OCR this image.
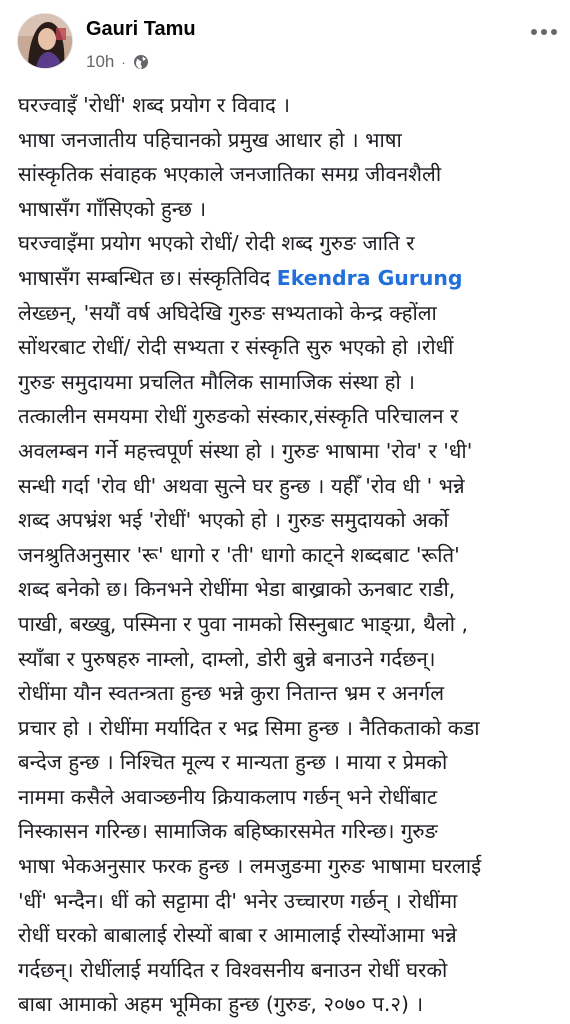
Gauri Tamu
10h ·
घरज्वाइँ 'रोधीं' शब्द प्रयोग र विवाद ।
भाषा जनजातीय पहिचानको प्रमुख आधार हो । भाषा
सांस्कृतिक संवाहक भएकाले जनजातिका समग्र जीवनशैली
भाषासँग गाँसिएको हुन्छ ।
घरज्वाइँमा प्रयोग भएको रोधीं/ रोदी शब्द गुरुङ जाति र
भाषासँग सम्बन्धित छ। संस्कृतिविद Ekendra Gurung
लेख्छन्, 'सयौं वर्ष अघिदेखि गुरुङ सभ्यताको केन्द्र क्होंला
सोंथरबाट रोधीं/ रोदी सभ्यता र संस्कृति सुरु भएको हो ।रोधीं
गुरुङ समुदायमा प्रचलित मौलिक सामाजिक संस्था हो ।
तत्कालीन समयमा रोधीं गुरुङको संस्कार,संस्कृति परिचालन र
अवलम्बन गर्ने महत्त्वपूर्ण संस्था हो । गुरुङ भाषामा 'रोव' र 'धी'
सन्धी गर्दा 'रोव धी' अथवा सुत्ने घर हुन्छ । यहीँ 'रोव धी ' भन्ने
शब्द अपभ्रंश भई 'रोधीं' भएको हो । गुरुङ समुदायको अर्को
जनश्रुतिअनुसार 'रू' धागो र 'ती' धागो काट्ने शब्दबाट 'रूति'
शब्द बनेको छ। किनभने रोधींमा भेडा बाख्राको ऊनबाट राडी,
पाखी, बख्खु, पस्मिना र पुवा नामको सिस्नुबाट भाङ्ग्रा, थैलो ,
स्याँबा र पुरुषहरु नाम्लो, दाम्लो, डोरी बुन्ने बनाउने गर्दछन्।
रोधींमा यौन स्वतन्त्रता हुन्छ भन्ने कुरा नितान्त भ्रम र अनर्गल
प्रचार हो । रोधींमा मर्यादित र भद्र सिमा हुन्छ । नैतिकताको कडा
बन्देज हुन्छ । निश्चित मूल्य र मान्यता हुन्छ । माया र प्रेमको
नाममा कसैले अवाञ्छनीय क्रियाकलाप गर्छन् भने रोधींबाट
निस्कासन गरिन्छ। सामाजिक बहिष्कारसमेत गरिन्छ। गुरुङ
भाषा भेकअनुसार फरक हुन्छ । लमजुङमा गुरुङ भाषामा घरलाई
'धीं' भन्दैन। धीं को सट्टामा दी' भनेर उच्चारण गर्छन् । रोधींमा
रोधीं घरको बाबालाई रोस्यों बाबा र आमालाई रोस्योंआमा भन्ने
गर्दछन्। रोधींलाई मर्यादित र विश्वसनीय बनाउन रोधीं घरको
बाबा आमाको अहम भूमिका हुन्छ (गुरुङ, २०७० प.२) ।
